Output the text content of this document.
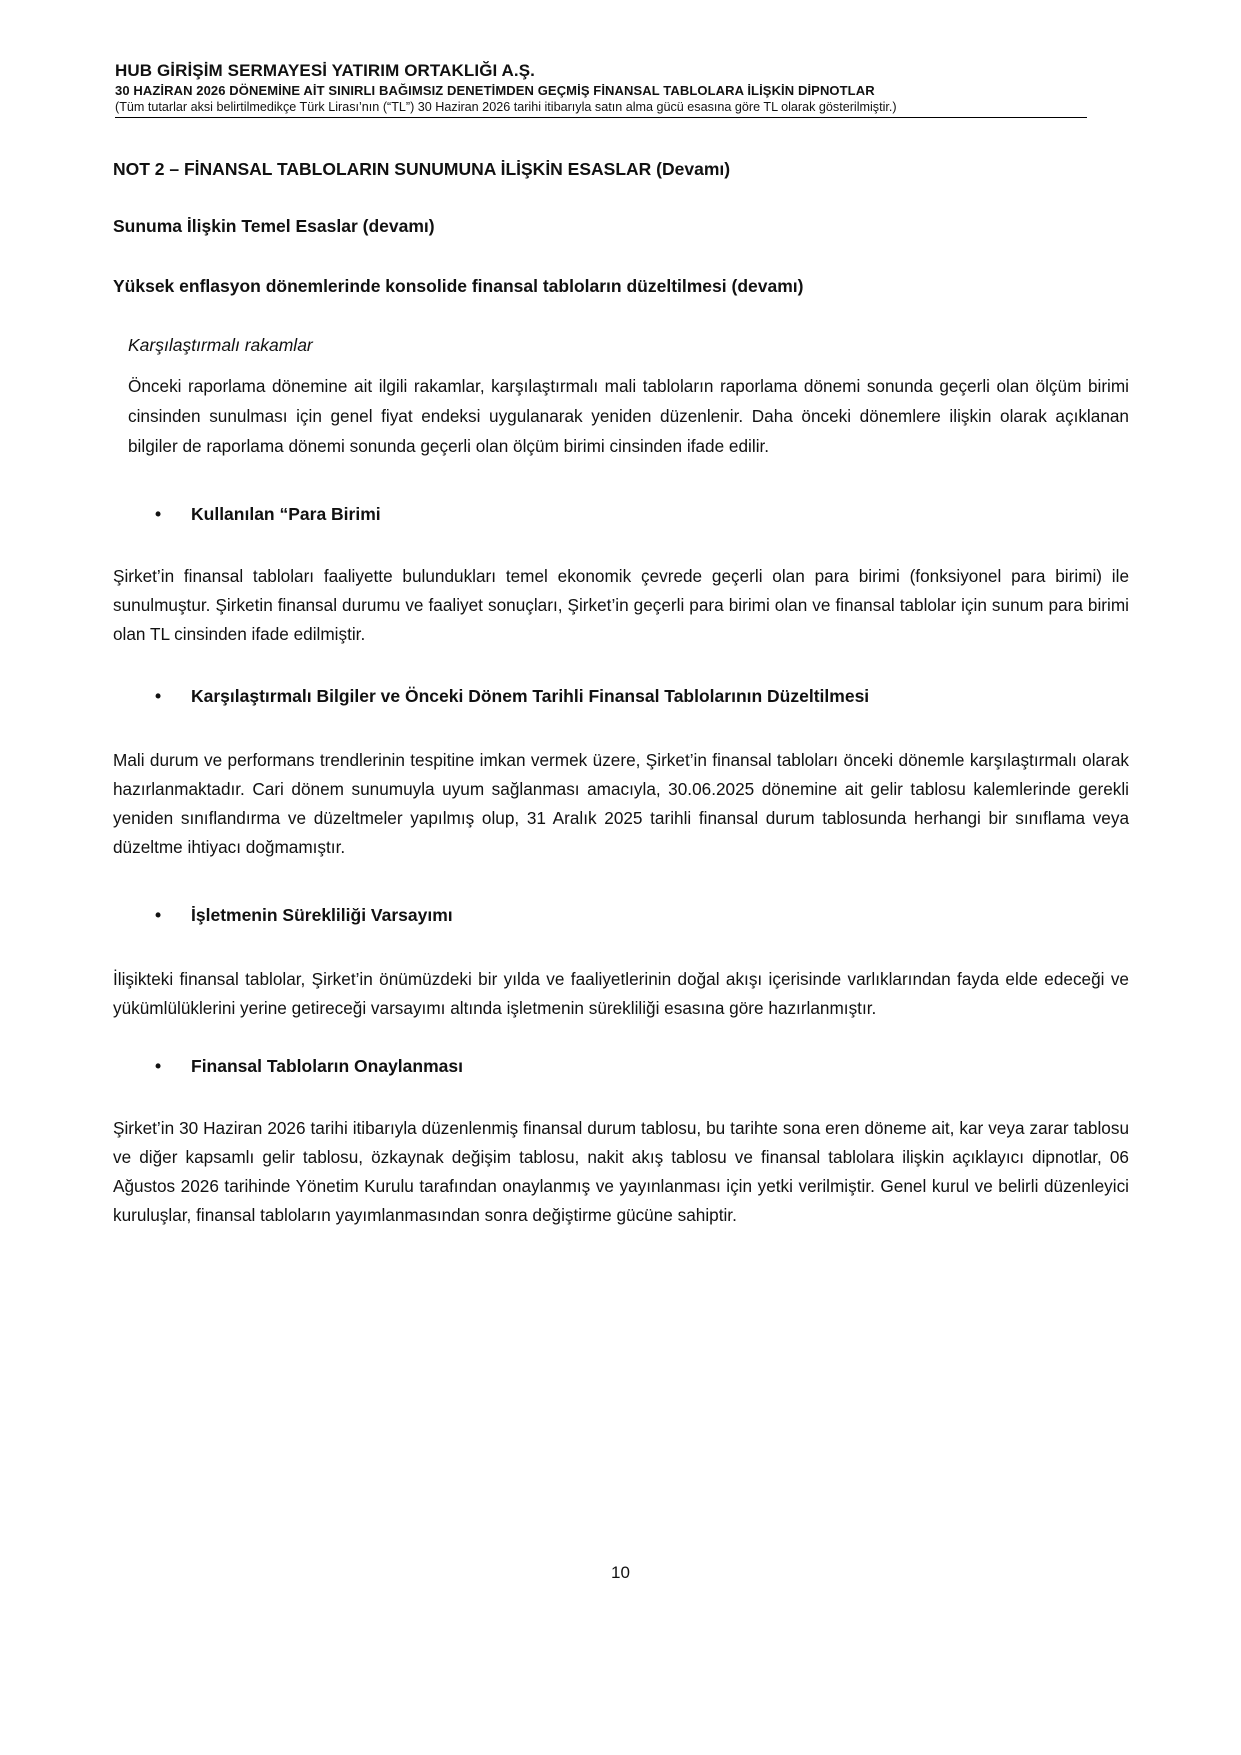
HUB GİRİŞİM SERMAYESİ YATIRIM ORTAKLIĞI A.Ş.
30 HAZİRAN 2026 DÖNEMİNE AİT SINIRLI BAĞIMSIZ DENETİMDEN GEÇMİŞ FİNANSAL TABLOLARA İLİŞKİN DİPNOTLAR
(Tüm tutarlar aksi belirtilmedikçe Türk Lirası’nın (“TL”) 30 Haziran 2026 tarihi itibarıyla satın alma gücü esasına göre TL olarak gösterilmiştir.)
NOT 2 – FİNANSAL TABLOLARIN SUNUMUNA İLİŞKİN ESASLAR (Devamı)
Sunuma İlişkin Temel Esaslar (devamı)
Yüksek enflasyon dönemlerinde konsolide finansal tabloların düzeltilmesi (devamı)
Karşılaştırmalı rakamlar
Önceki raporlama dönemine ait ilgili rakamlar, karşılaştırmalı mali tabloların raporlama dönemi sonunda geçerli olan ölçüm birimi cinsinden sunulması için genel fiyat endeksi uygulanarak yeniden düzenlenir. Daha önceki dönemlere ilişkin olarak açıklanan bilgiler de raporlama dönemi sonunda geçerli olan ölçüm birimi cinsinden ifade edilir.
•	Kullanılan “Para Birimi
Şirket’in finansal tabloları faaliyette bulundukları temel ekonomik çevrede geçerli olan para birimi (fonksiyonel para birimi) ile sunulmuştur. Şirketin finansal durumu ve faaliyet sonuçları, Şirket’in geçerli para birimi olan ve finansal tablolar için sunum para birimi olan TL cinsinden ifade edilmiştir.
•	Karşılaştırmalı Bilgiler ve Önceki Dönem Tarihli Finansal Tablolarının Düzeltilmesi
Mali durum ve performans trendlerinin tespitine imkan vermek üzere, Şirket’in finansal tabloları önceki dönemle karşılaştırmalı olarak hazırlanmaktadır. Cari dönem sunumuyla uyum sağlanması amacıyla, 30.06.2025 dönemine ait gelir tablosu kalemlerinde gerekli yeniden sınıflandırma ve düzeltmeler yapılmış olup, 31 Aralık 2025 tarihli finansal durum tablosunda herhangi bir sınıflama veya düzeltme ihtiyacı doğmamıştır.
•	İşletmenin Sürekliliği Varsayımı
İlişikteki finansal tablolar, Şirket’in önümüzdeki bir yılda ve faaliyetlerinin doğal akışı içerisinde varlıklarından fayda elde edeceği ve yükümlülüklerini yerine getireceği varsayımı altında işletmenin sürekliliği esasına göre hazırlanmıştır.
•	Finansal Tabloların Onaylanması
Şirket’in 30 Haziran 2026 tarihi itibarıyla düzenlenmiş finansal durum tablosu, bu tarihte sona eren döneme ait, kar veya zarar tablosu ve diğer kapsamlı gelir tablosu, özkaynak değişim tablosu, nakit akış tablosu ve finansal tablolara ilişkin açıklayıcı dipnotlar, 06 Ağustos 2026 tarihinde Yönetim Kurulu tarafından onaylanmış ve yayınlanması için yetki verilmiştir. Genel kurul ve belirli düzenleyici kuruluşlar, finansal tabloların yayımlanmasından sonra değiştirme gücüne sahiptir.
10
